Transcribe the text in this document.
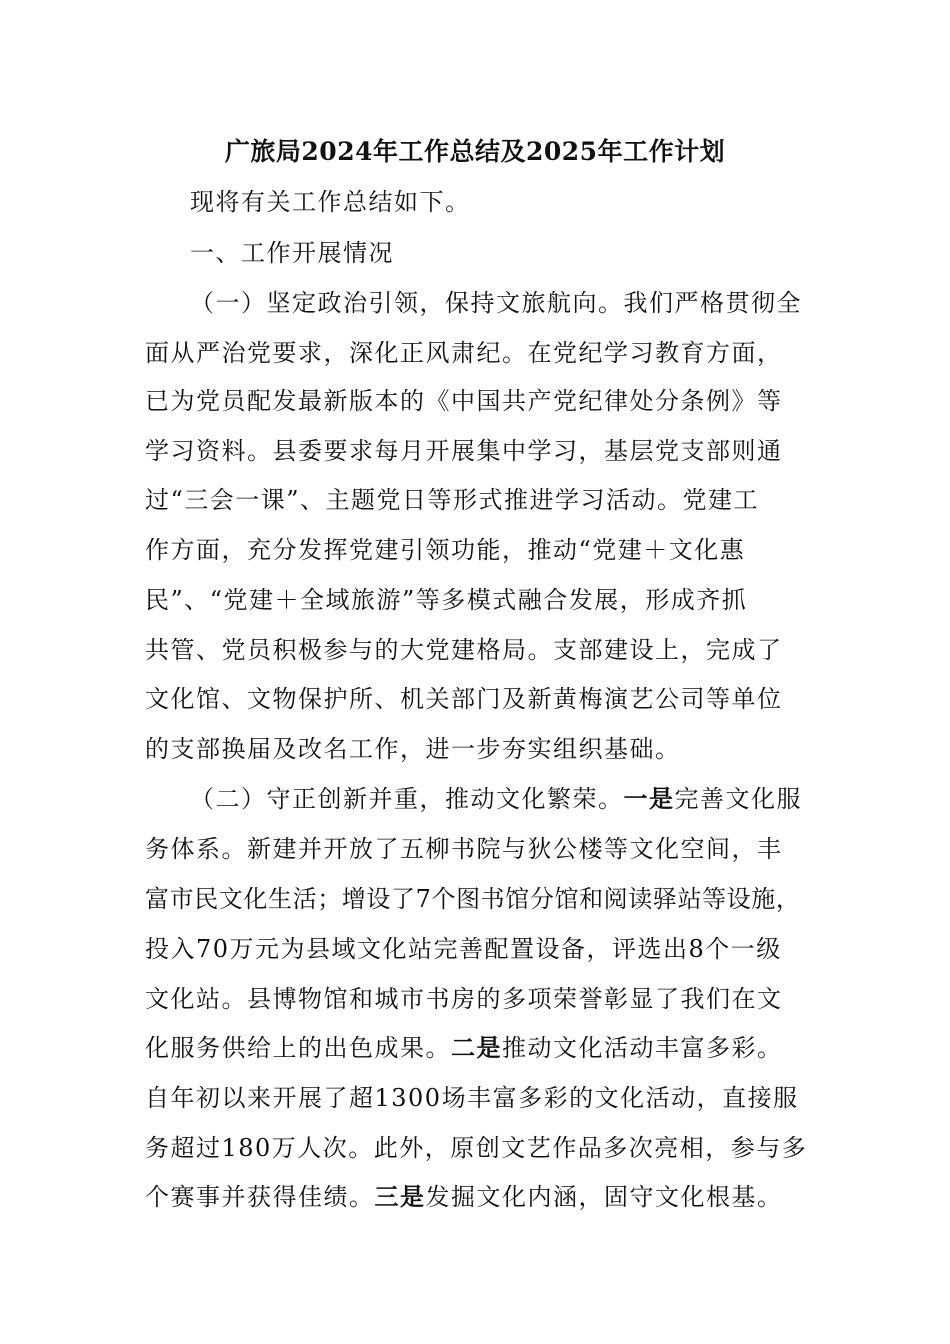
广旅局2024年工作总结及2025年工作计划
现将有关工作总结如下。
一、工作开展情况
（一）坚定政治引领，保持文旅航向。我们严格贯彻全
面从严治党要求，深化正风肃纪。在党纪学习教育方面，
已为党员配发最新版本的《中国共产党纪律处分条例》等
学习资料。县委要求每月开展集中学习，基层党支部则通
过“三会一课”、主题党日等形式推进学习活动。党建工
作方面，充分发挥党建引领功能，推动“党建＋文化惠
民”、“党建＋全域旅游”等多模式融合发展，形成齐抓
共管、党员积极参与的大党建格局。支部建设上，完成了
文化馆、文物保护所、机关部门及新黄梅演艺公司等单位
的支部换届及改名工作，进一步夯实组织基础。
（二）守正创新并重，推动文化繁荣。一是完善文化服
务体系。新建并开放了五柳书院与狄公楼等文化空间，丰
富市民文化生活；增设了7个图书馆分馆和阅读驿站等设施，
投入70万元为县域文化站完善配置设备，评选出8个一级
文化站。县博物馆和城市书房的多项荣誉彰显了我们在文
化服务供给上的出色成果。二是推动文化活动丰富多彩。
自年初以来开展了超1300场丰富多彩的文化活动，直接服
务超过180万人次。此外，原创文艺作品多次亮相，参与多
个赛事并获得佳绩。三是发掘文化内涵，固守文化根基。
